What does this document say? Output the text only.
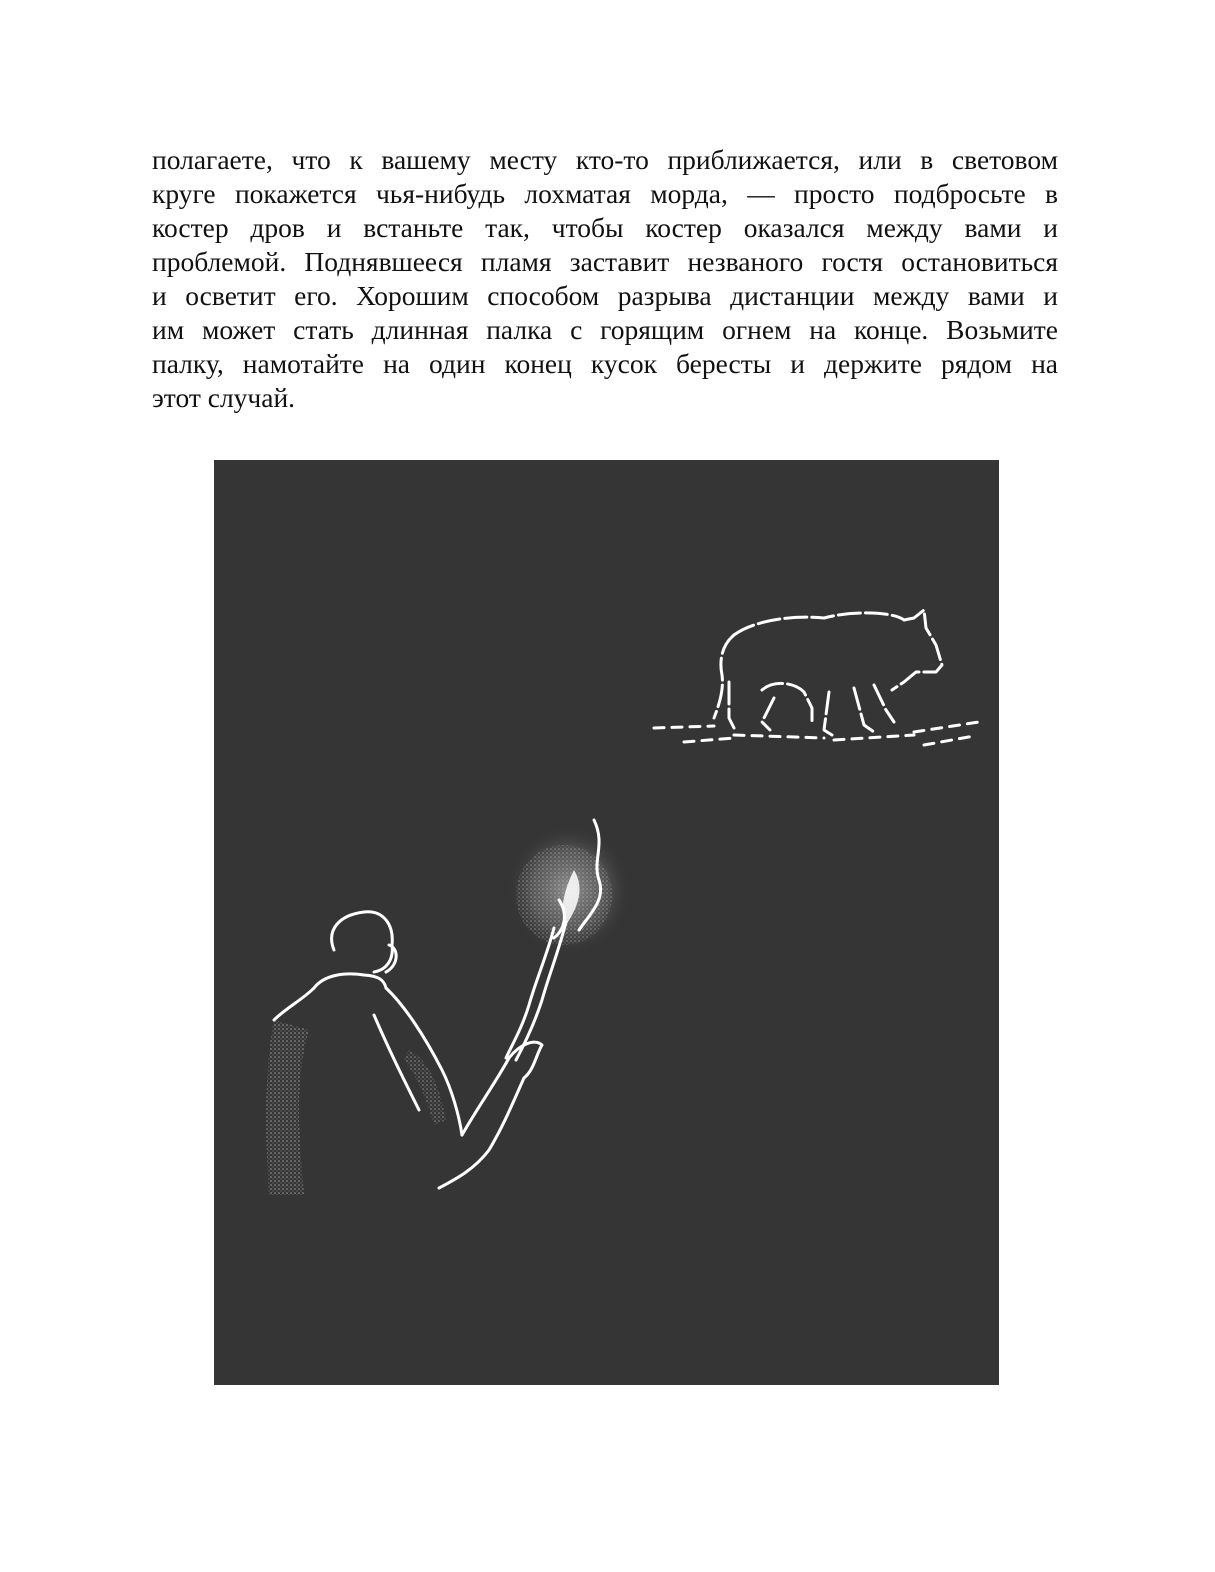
полагаете, что к вашему месту кто-то приближается, или в световом
круге покажется чья-нибудь лохматая морда, — просто подбросьте в
костер дров и встаньте так, чтобы костер оказался между вами и
проблемой. Поднявшееся пламя заставит незваного гостя остановиться
и осветит его. Хорошим способом разрыва дистанции между вами и
им может стать длинная палка с горящим огнем на конце. Возьмите
палку, намотайте на один конец кусок бересты и держите рядом на
этот случай.
